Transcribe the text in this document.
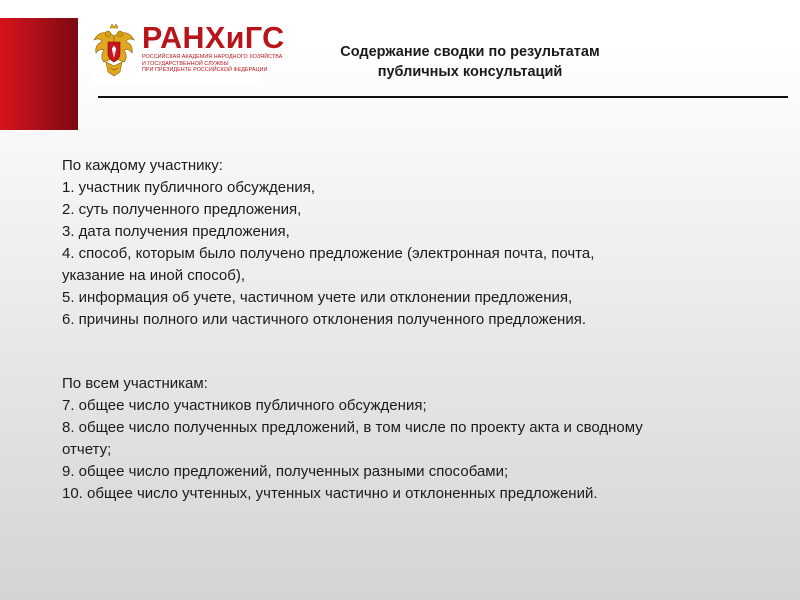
РАНХиГС
РОССИЙСКАЯ АКАДЕМИЯ НАРОДНОГО ХОЗЯЙСТВА
И ГОСУДАРСТВЕННОЙ СЛУЖБЫ
ПРИ ПРЕЗИДЕНТЕ РОССИЙСКОЙ ФЕДЕРАЦИИ
Содержание сводки по результатам
публичных консультаций
По каждому участнику:
1. участник публичного обсуждения,
2. суть полученного предложения,
3. дата получения предложения,
4. способ, которым было получено предложение (электронная почта, почта,
указание на иной способ),
5. информация об учете, частичном учете или отклонении предложения,
6. причины полного или частичного отклонения полученного предложения.
По всем участникам:
7. общее число участников публичного обсуждения;
8. общее число полученных предложений, в том числе по проекту акта и сводному
отчету;
9. общее число предложений, полученных разными способами;
10. общее число учтенных, учтенных частично и отклоненных предложений.
